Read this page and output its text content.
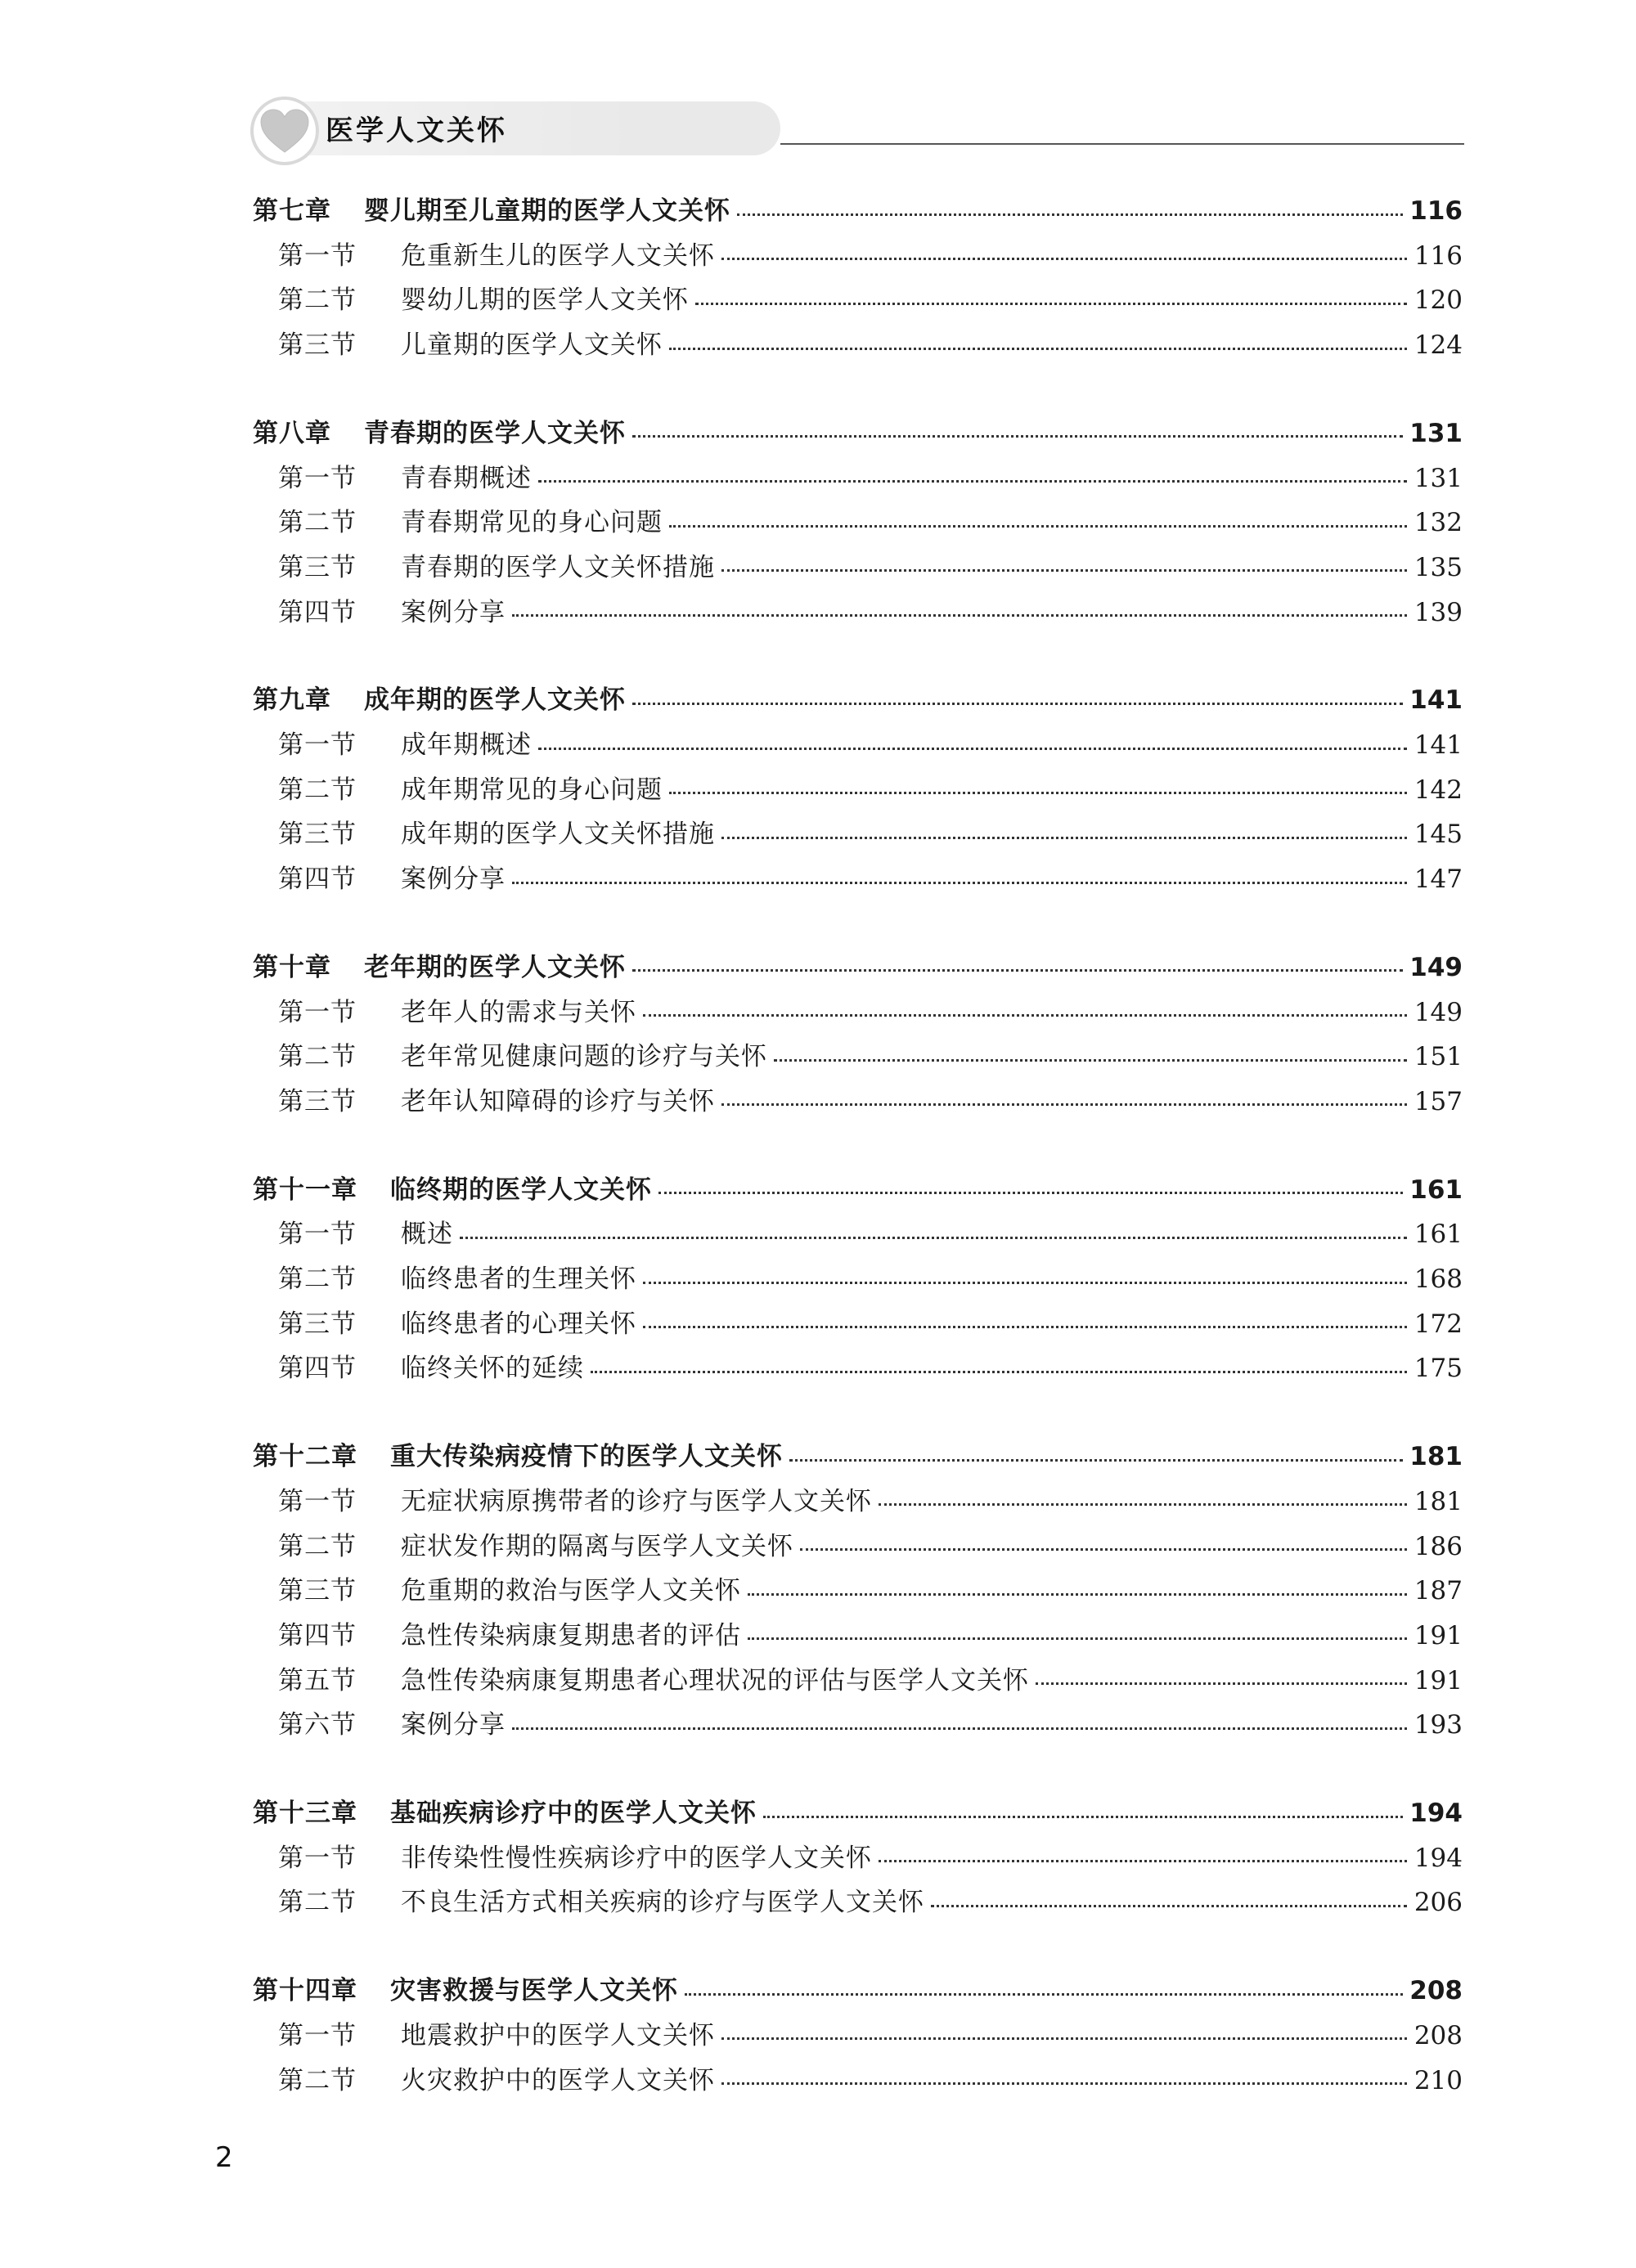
医学人文关怀
第七章 婴儿期至儿童期的医学人文关怀	116
第一节	危重新生儿的医学人文关怀	116
第二节	婴幼儿期的医学人文关怀	120
第三节	儿童期的医学人文关怀	124
第八章 青春期的医学人文关怀	131
第一节	青春期概述	131
第二节	青春期常见的身心问题	132
第三节	青春期的医学人文关怀措施	135
第四节	案例分享	139
第九章 成年期的医学人文关怀	141
第一节	成年期概述	141
第二节	成年期常见的身心问题	142
第三节	成年期的医学人文关怀措施	145
第四节	案例分享	147
第十章 老年期的医学人文关怀	149
第一节	老年人的需求与关怀	149
第二节	老年常见健康问题的诊疗与关怀	151
第三节	老年认知障碍的诊疗与关怀	157
第十一章 临终期的医学人文关怀	161
第一节	概述	161
第二节	临终患者的生理关怀	168
第三节	临终患者的心理关怀	172
第四节	临终关怀的延续	175
第十二章 重大传染病疫情下的医学人文关怀	181
第一节	无症状病原携带者的诊疗与医学人文关怀	181
第二节	症状发作期的隔离与医学人文关怀	186
第三节	危重期的救治与医学人文关怀	187
第四节	急性传染病康复期患者的评估	191
第五节	急性传染病康复期患者心理状况的评估与医学人文关怀	191
第六节	案例分享	193
第十三章 基础疾病诊疗中的医学人文关怀	194
第一节	非传染性慢性疾病诊疗中的医学人文关怀	194
第二节	不良生活方式相关疾病的诊疗与医学人文关怀	206
第十四章 灾害救援与医学人文关怀	208
第一节	地震救护中的医学人文关怀	208
第二节	火灾救护中的医学人文关怀	210
2
